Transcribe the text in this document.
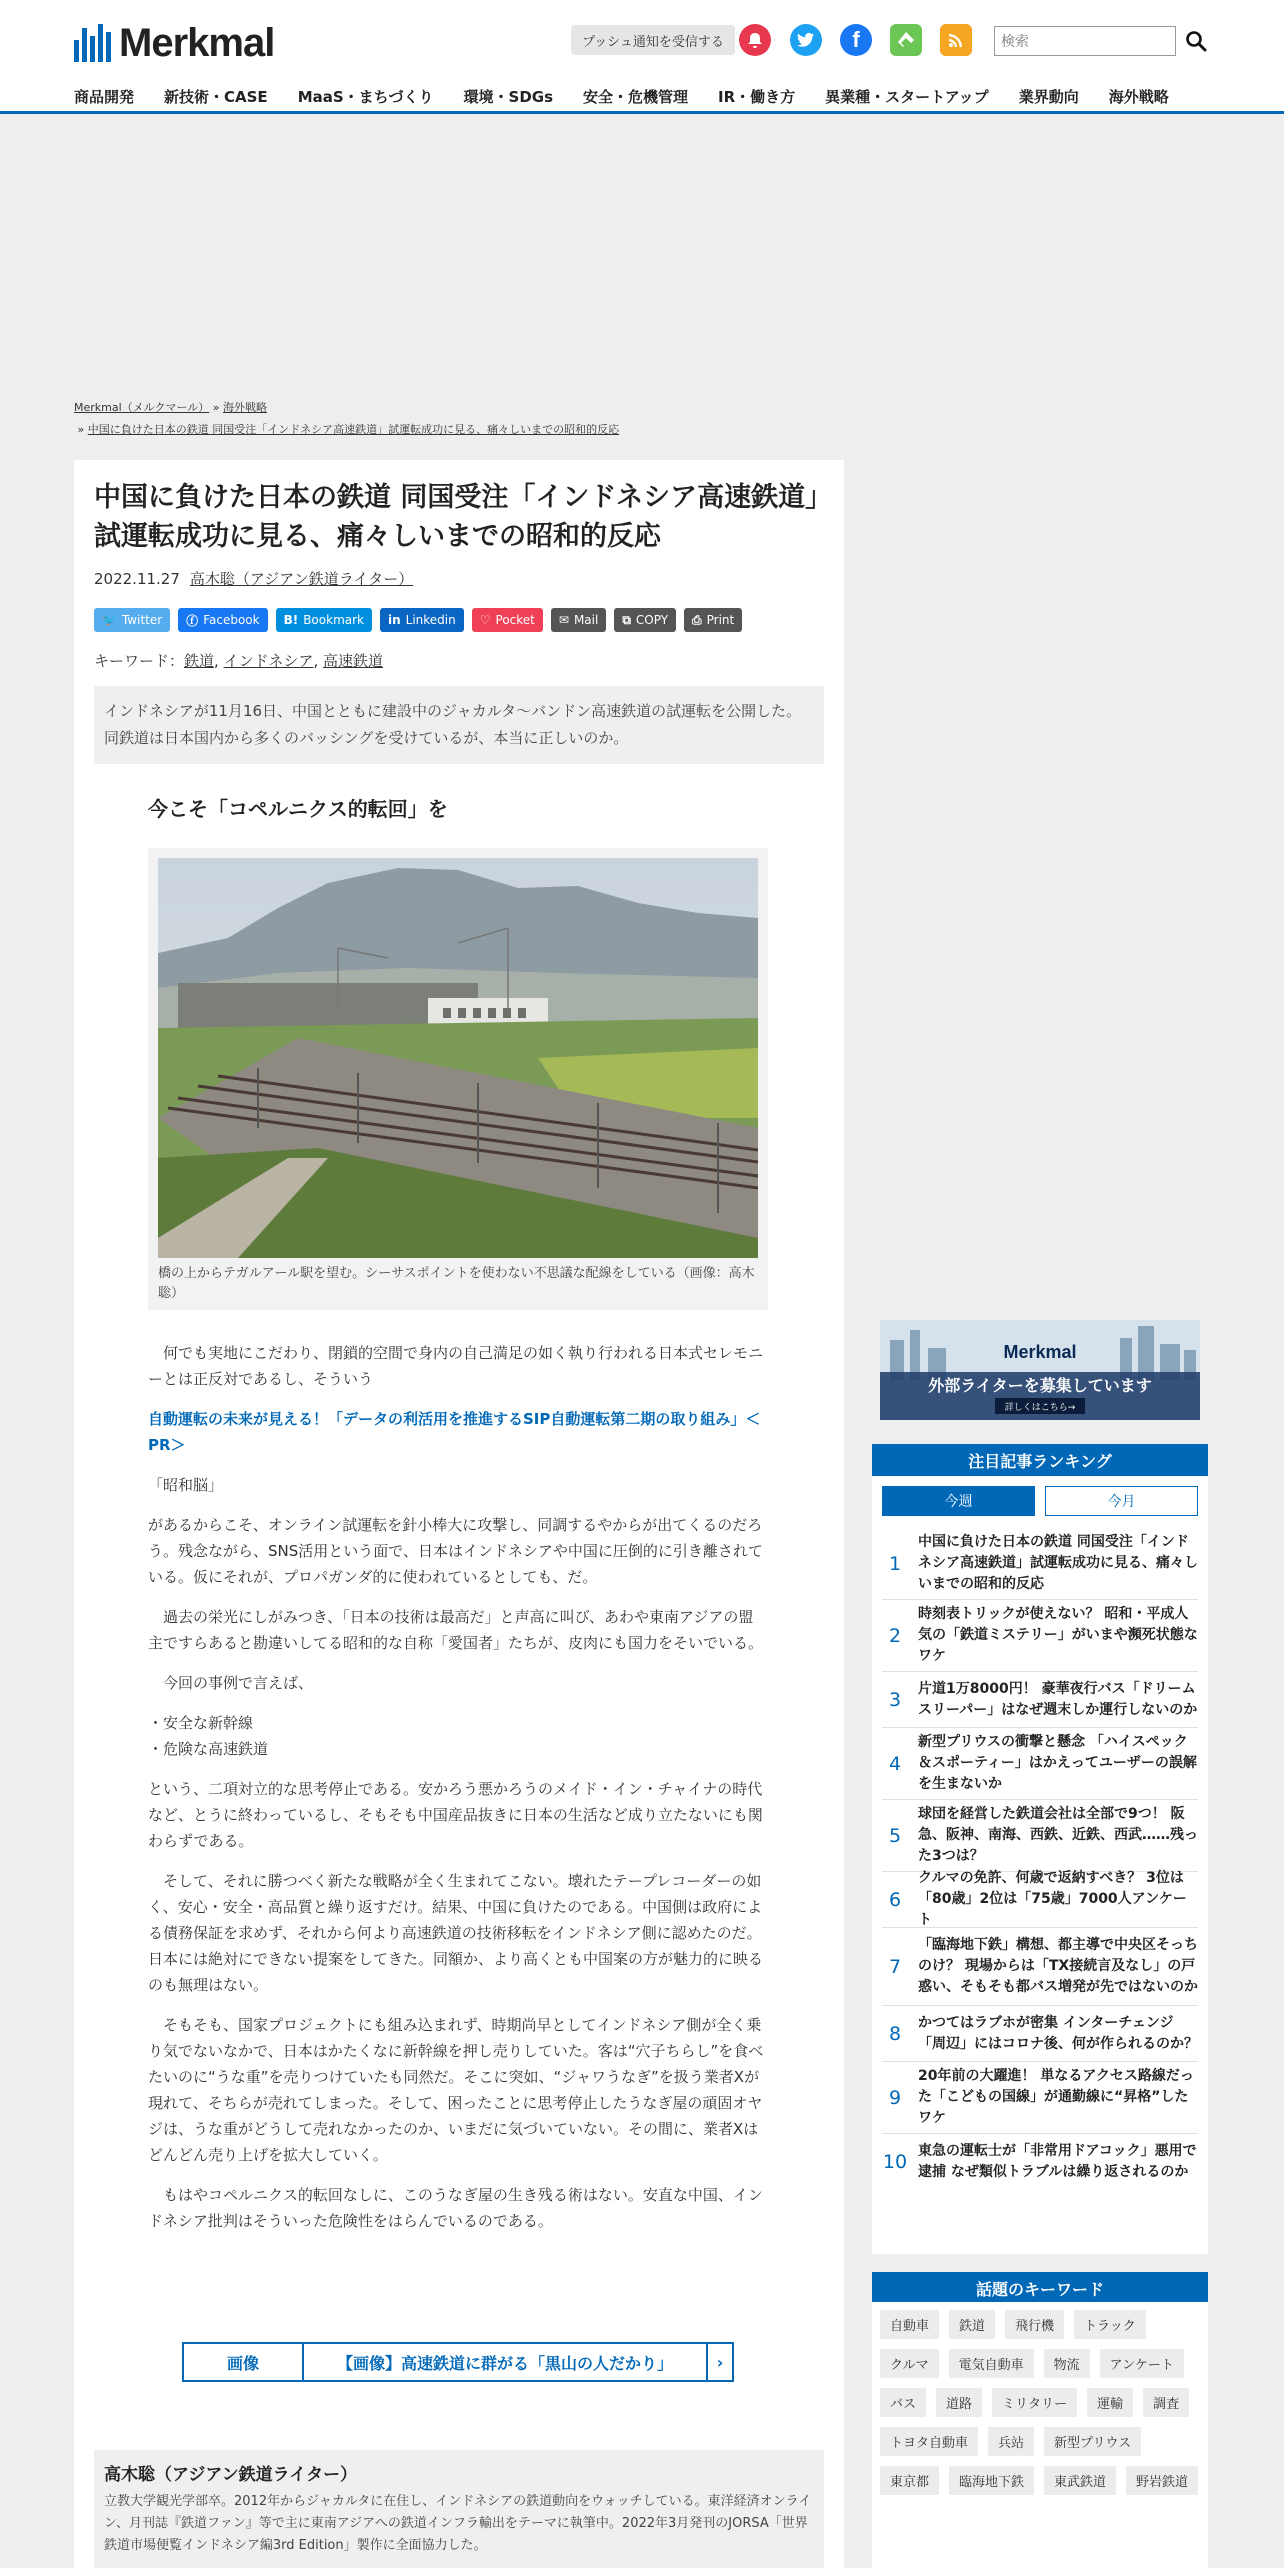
Merkmal	プッシュ通知を受信する	f
検索
商品開発 新技術・CASE MaaS・まちづくり 環境・SDGs 安全・危機管理 IR・働き方 異業種・スタートアップ 業界動向 海外戦略
Merkmal（メルクマール） » 海外戦略
» 中国に負けた日本の鉄道 同国受注「インドネシア高速鉄道」試運転成功に見る、痛々しいまでの昭和的反応
中国に負けた日本の鉄道 同国受注「インドネシア高速鉄道」試運転成功に見る、痛々しいまでの昭和的反応
2022.11.27 高木聡（アジアン鉄道ライター）
🐦 Twitter ⓕ Facebook B! Bookmark in Linkedin ♡ Pocket ✉ Mail ⧉ COPY ⎙ Print
キーワード：鉄道, インドネシア, 高速鉄道
インドネシアが11月16日、中国とともに建設中のジャカルタ～バンドン高速鉄道の試運転を公開した。同鉄道は日本国内から多くのバッシングを受けているが、本当に正しいのか。
今こそ「コペルニクス的転回」を
橋の上からテガルアール駅を望む。シーサスポイントを使わない不思議な配線をしている（画像：高木聡）

何でも実地にこだわり、閉鎖的空間で身内の自己満足の如く執り行われる日本式セレモニーとは正反対であるし、そういう

自動運転の未来が見える！「データの利活用を推進するSIP自動運転第二期の取り組み」＜PR＞

「昭和脳」

があるからこそ、オンライン試運転を針小棒大に攻撃し、同調するやからが出てくるのだろう。残念ながら、SNS活用という面で、日本はインドネシアや中国に圧倒的に引き離されている。仮にそれが、プロパガンダ的に使われているとしても、だ。

過去の栄光にしがみつき、「日本の技術は最高だ」と声高に叫び、あわや東南アジアの盟主ですらあると勘違いしてる昭和的な自称「愛国者」たちが、皮肉にも国力をそいでいる。

今回の事例で言えば、

・安全な新幹線

・危険な高速鉄道

という、二項対立的な思考停止である。安かろう悪かろうのメイド・イン・チャイナの時代など、とうに終わっているし、そもそも中国産品抜きに日本の生活など成り立たないにも関わらずである。

そして、それに勝つべく新たな戦略が全く生まれてこない。壊れたテープレコーダーの如く、安心・安全・高品質と繰り返すだけ。結果、中国に負けたのである。中国側は政府による債務保証を求めず、それから何より高速鉄道の技術移転をインドネシア側に認めたのだ。日本には絶対にできない提案をしてきた。同額か、より高くとも中国案の方が魅力的に映るのも無理はない。

そもそも、国家プロジェクトにも組み込まれず、時期尚早としてインドネシア側が全く乗り気でないなかで、日本はかたくなに新幹線を押し売りしていた。客は“穴子ちらし”を食べたいのに“うな重”を売りつけていたも同然だ。そこに突如、“ジャワうなぎ”を扱う業者Xが現れて、そちらが売れてしまった。そして、困ったことに思考停止したうなぎ屋の頑固オヤジは、うな重がどうして売れなかったのか、いまだに気づいていない。その間に、業者Xはどんどん売り上げを拡大していく。

もはやコペルニクス的転回なしに、このうなぎ屋の生き残る術はない。安直な中国、インドネシア批判はそういった危険性をはらんでいるのである。

画像	【画像】高速鉄道に群がる「黒山の人だかり」	›
高木聡（アジアン鉄道ライター）

立教大学観光学部卒。2012年からジャカルタに在住し、インドネシアの鉄道動向をウォッチしている。東洋経済オンライン、月刊誌『鉄道ファン』等で主に東南アジアへの鉄道インフラ輸出をテーマに執筆中。2022年3月発刊のJORSA「世界鉄道市場便覧インドネシア編3rd Edition」製作に全面協力した。

Merkmal
外部ライターを募集しています
詳しくはこちら→
注目記事ランキング
今週	今月
1
中国に負けた日本の鉄道 同国受注「インドネシア高速鉄道」試運転成功に見る、痛々しいまでの昭和的反応
2
時刻表トリックが使えない？ 昭和・平成人気の「鉄道ミステリー」がいまや瀕死状態なワケ
3	片道1万8000円！ 豪華夜行バス「ドリームスリーパー」はなぜ週末しか運行しないのか
4
新型プリウスの衝撃と懸念 「ハイスペック＆スポーティー」はかえってユーザーの誤解を生まないか
5
球団を経営した鉄道会社は全部で9つ！ 阪急、阪神、南海、西鉄、近鉄、西武……残った3つは？
6
クルマの免許、何歳で返納すべき？ 3位は「80歳」2位は「75歳」7000人アンケート
7
「臨海地下鉄」構想、都主導で中央区そっちのけ？ 現場からは「TX接続言及なし」の戸惑い、そもそも都バス増発が先ではないのか
8	かつてはラブホが密集 インターチェンジ「周辺」にはコロナ後、何が作られるのか？
9
20年前の大躍進！ 単なるアクセス路線だった「こどもの国線」が通勤線に“昇格”したワケ
10 東急の運転士が「非常用ドアコック」悪用で逮捕 なぜ類似トラブルは繰り返されるのか
話題のキーワード
自動車	鉄道	飛行機	トラック
クルマ	電気自動車	物流	アンケート
バス	道路	ミリタリー	運輸	調査
トヨタ自動車	兵站	新型プリウス
東京都	臨海地下鉄	東武鉄道	野岩鉄道
